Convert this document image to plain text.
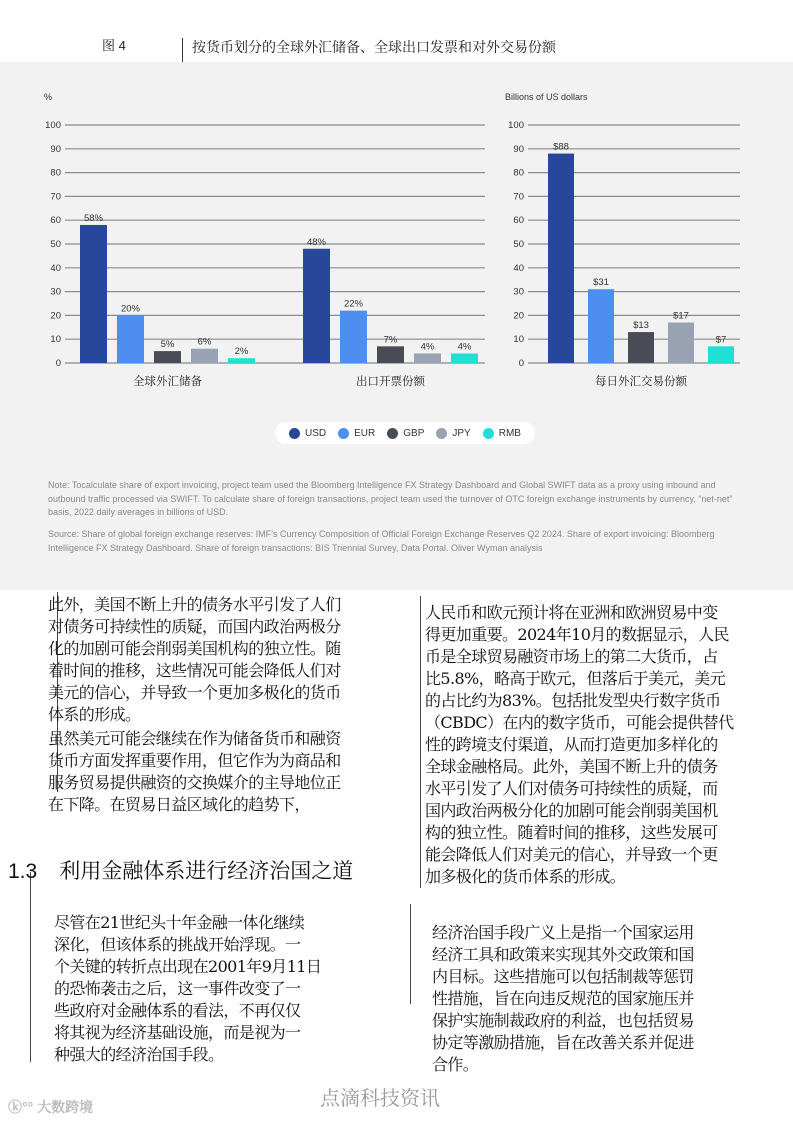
图 4	按货币划分的全球外汇储备、全球出口发票和对外交易份额
%
0
10
20
30
40
50
60
70
80
90
100
58%
20%
5% 6%
2%
全球外汇储备
48%
22%
7%
4% 4%
出口开票份额
Billions of US dollars
0
10
20
30
40
50
60
70
80
90
100
$88
$31
$13
$17
$7
每日外汇交易份额
USD	EUR	GBP	JPY	RMB
Note: Tocalculate share of export invoicing, project team used the Bloomberg Intelligence FX Strategy Dashboard and Global SWIFT data as a proxy using inbound and outbound traffic processed via SWIFT. To calculate share of foreign transactions, project team used the turnover of OTC foreign exchange instruments by currency, “net-net” basis, 2022 daily averages in billions of USD.
Source: Share of global foreign exchange reserves: IMF’s Currency Composition of Official Foreign Exchange Reserves Q2 2024. Share of export invoicing: Bloomberg Intelligence FX Strategy Dashboard. Share of foreign transactions: BIS Triennial Survey, Data Portal. Oliver Wyman analysis
此外，美国不断上升的债务水平引发了人们
对债务可持续性的质疑，而国内政治两极分
化的加剧可能会削弱美国机构的独立性。随
着时间的推移，这些情况可能会降低人们对
美元的信心，并导致一个更加多极化的货币
体系的形成。
虽然美元可能会继续在作为储备货币和融资
货币方面发挥重要作用，但它作为为商品和
服务贸易提供融资的交换媒介的主导地位正
在下降。在贸易日益区域化的趋势下，
1.3 利用金融体系进行经济治国之道
尽管在21世纪头十年金融一体化继续
深化，但该体系的挑战开始浮现。一
个关键的转折点出现在2001年9月11日
的恐怖袭击之后，这一事件改变了一
些政府对金融体系的看法，不再仅仅
将其视为经济基础设施，而是视为一
种强大的经济治国手段。
人民币和欧元预计将在亚洲和欧洲贸易中变
得更加重要。2024年10月的数据显示，人民
币是全球贸易融资市场上的第二大货币，占
比5.8%，略高于欧元，但落后于美元，美元
的占比约为83%。包括批发型央行数字货币
（CBDC）在内的数字货币，可能会提供替代
性的跨境支付渠道，从而打造更加多样化的
全球金融格局。此外，美国不断上升的债务
水平引发了人们对债务可持续性的质疑，而
国内政治两极分化的加剧可能会削弱美国机
构的独立性。随着时间的推移，这些发展可
能会降低人们对美元的信心，并导致一个更
加多极化的货币体系的形成。
经济治国手段广义上是指一个国家运用
经济工具和政策来实现其外交政策和国
内目标。这些措施可以包括制裁等惩罚
性措施，旨在向违反规范的国家施压并
保护实施制裁政府的利益，也包括贸易
协定等激励措施，旨在改善关系并促进
合作。
点滴科技资讯
ⓚ°° 大数跨境
